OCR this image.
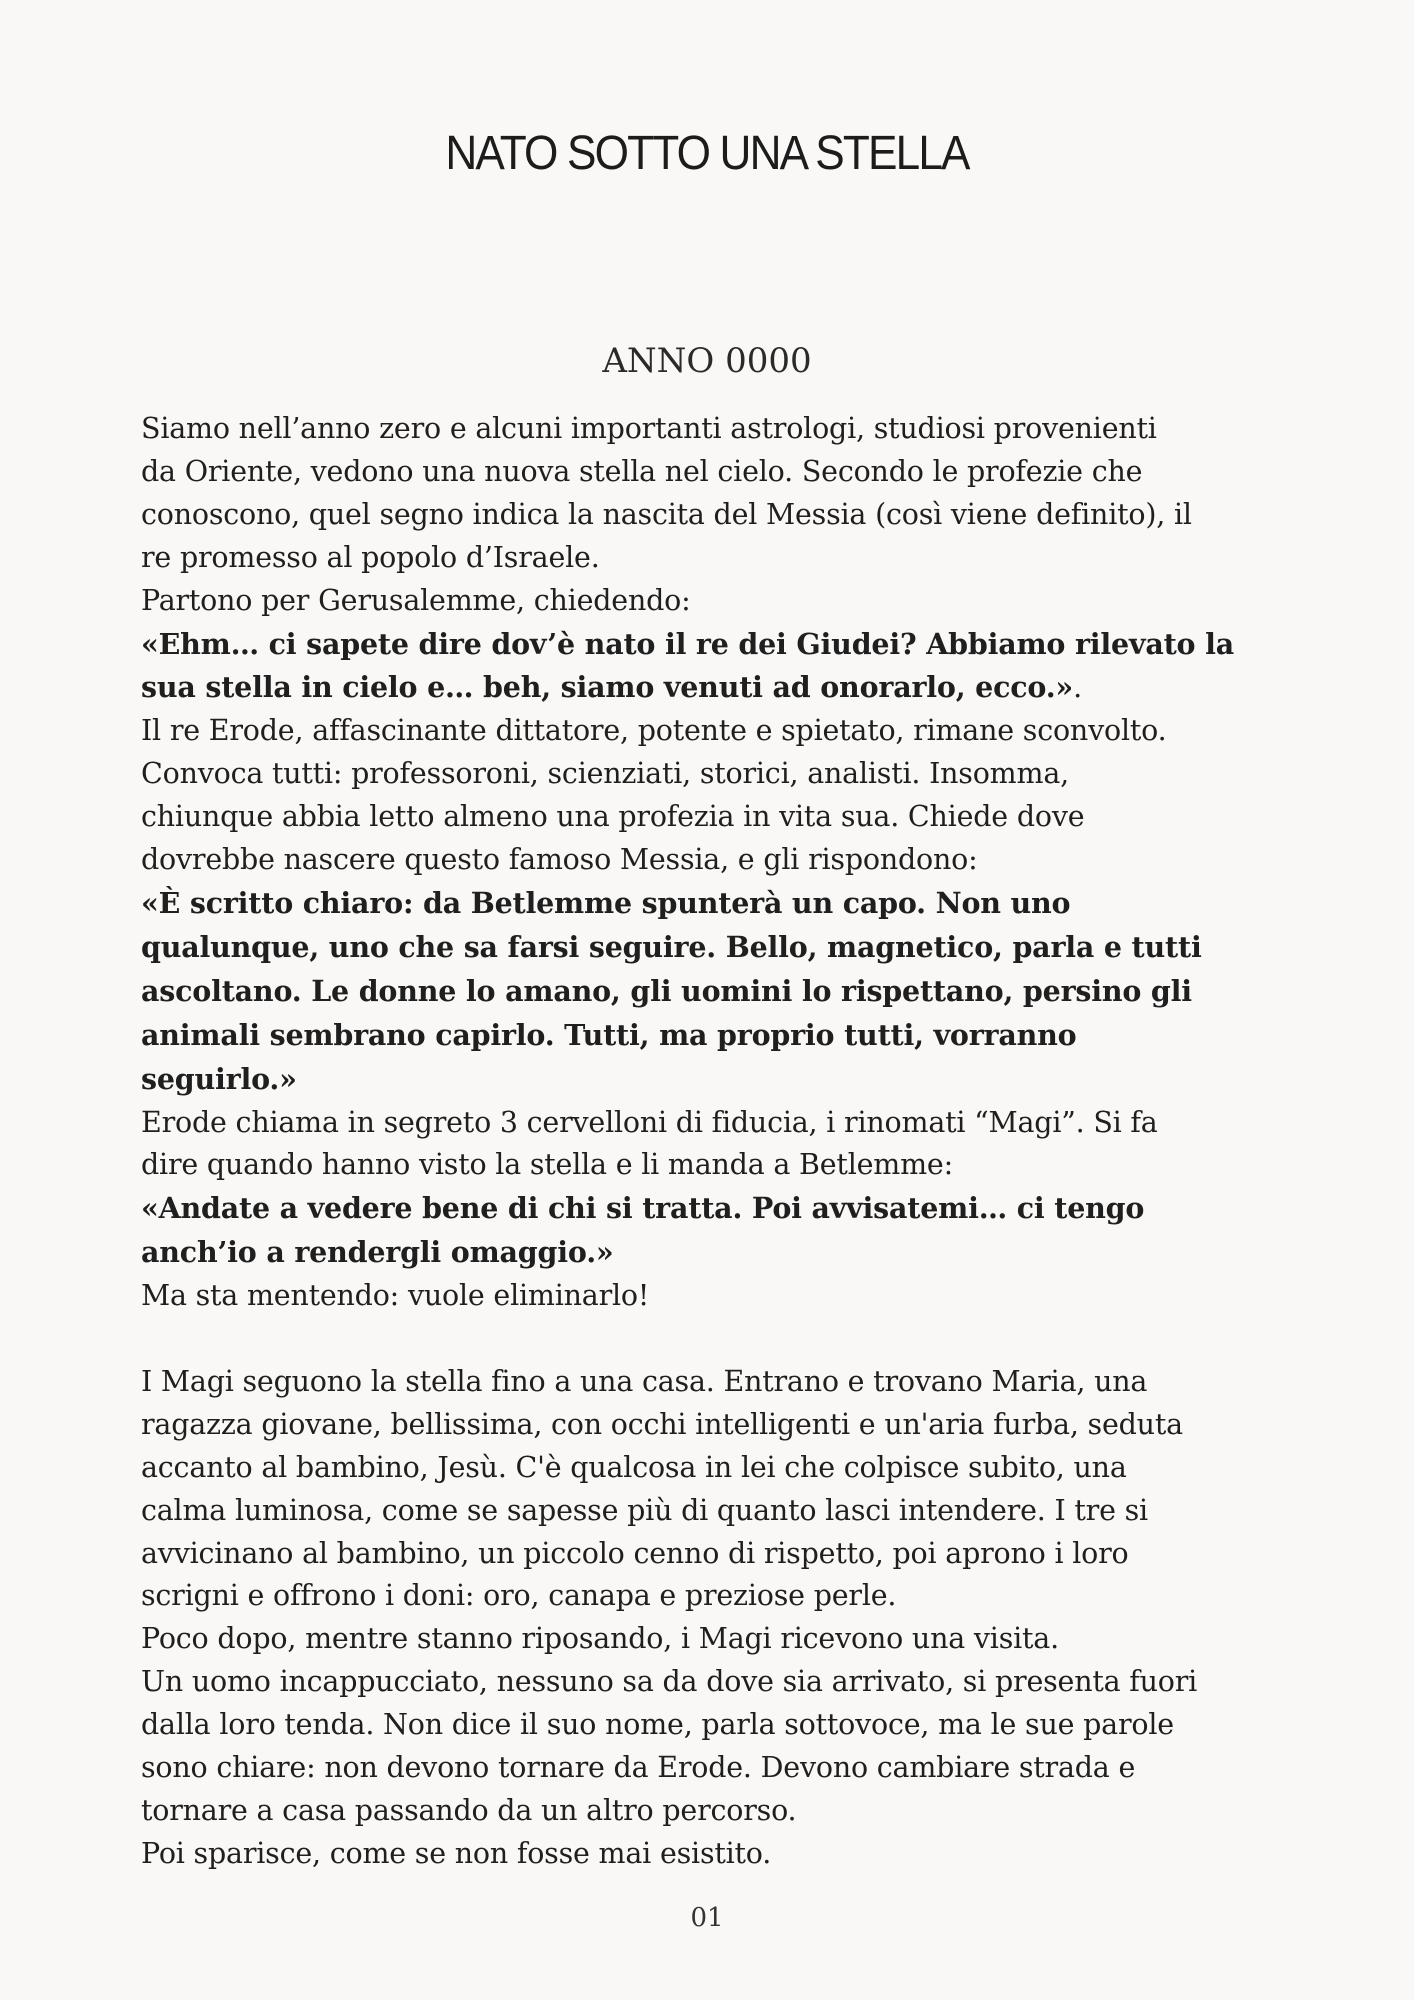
NATO SOTTO UNA STELLA
ANNO 0000

Siamo nell’anno zero e alcuni importanti astrologi, studiosi provenienti

da Oriente, vedono una nuova stella nel cielo. Secondo le profezie che

conoscono, quel segno indica la nascita del Messia (così viene definito), il

re promesso al popolo d’Israele.

Partono per Gerusalemme, chiedendo:

«Ehm… ci sapete dire dov’è nato il re dei Giudei? Abbiamo rilevato la

sua stella in cielo e… beh, siamo venuti ad onorarlo, ecco.».

Il re Erode, affascinante dittatore, potente e spietato, rimane sconvolto.

Convoca tutti: professoroni, scienziati, storici, analisti. Insomma,

chiunque abbia letto almeno una profezia in vita sua. Chiede dove

dovrebbe nascere questo famoso Messia, e gli rispondono:

«È scritto chiaro: da Betlemme spunterà un capo. Non uno

qualunque, uno che sa farsi seguire. Bello, magnetico, parla e tutti

ascoltano. Le donne lo amano, gli uomini lo rispettano, persino gli

animali sembrano capirlo. Tutti, ma proprio tutti, vorranno

seguirlo.»

Erode chiama in segreto 3 cervelloni di fiducia, i rinomati “Magi”. Si fa

dire quando hanno visto la stella e li manda a Betlemme:

«Andate a vedere bene di chi si tratta. Poi avvisatemi… ci tengo

anch’io a rendergli omaggio.»

Ma sta mentendo: vuole eliminarlo!

I Magi seguono la stella fino a una casa. Entrano e trovano Maria, una

ragazza giovane, bellissima, con occhi intelligenti e un'aria furba, seduta

accanto al bambino, Jesù. C'è qualcosa in lei che colpisce subito, una

calma luminosa, come se sapesse più di quanto lasci intendere. I tre si

avvicinano al bambino, un piccolo cenno di rispetto, poi aprono i loro

scrigni e offrono i doni: oro, canapa e preziose perle.

Poco dopo, mentre stanno riposando, i Magi ricevono una visita.

Un uomo incappucciato, nessuno sa da dove sia arrivato, si presenta fuori

dalla loro tenda. Non dice il suo nome, parla sottovoce, ma le sue parole

sono chiare: non devono tornare da Erode. Devono cambiare strada e

tornare a casa passando da un altro percorso.

Poi sparisce, come se non fosse mai esistito.

01
